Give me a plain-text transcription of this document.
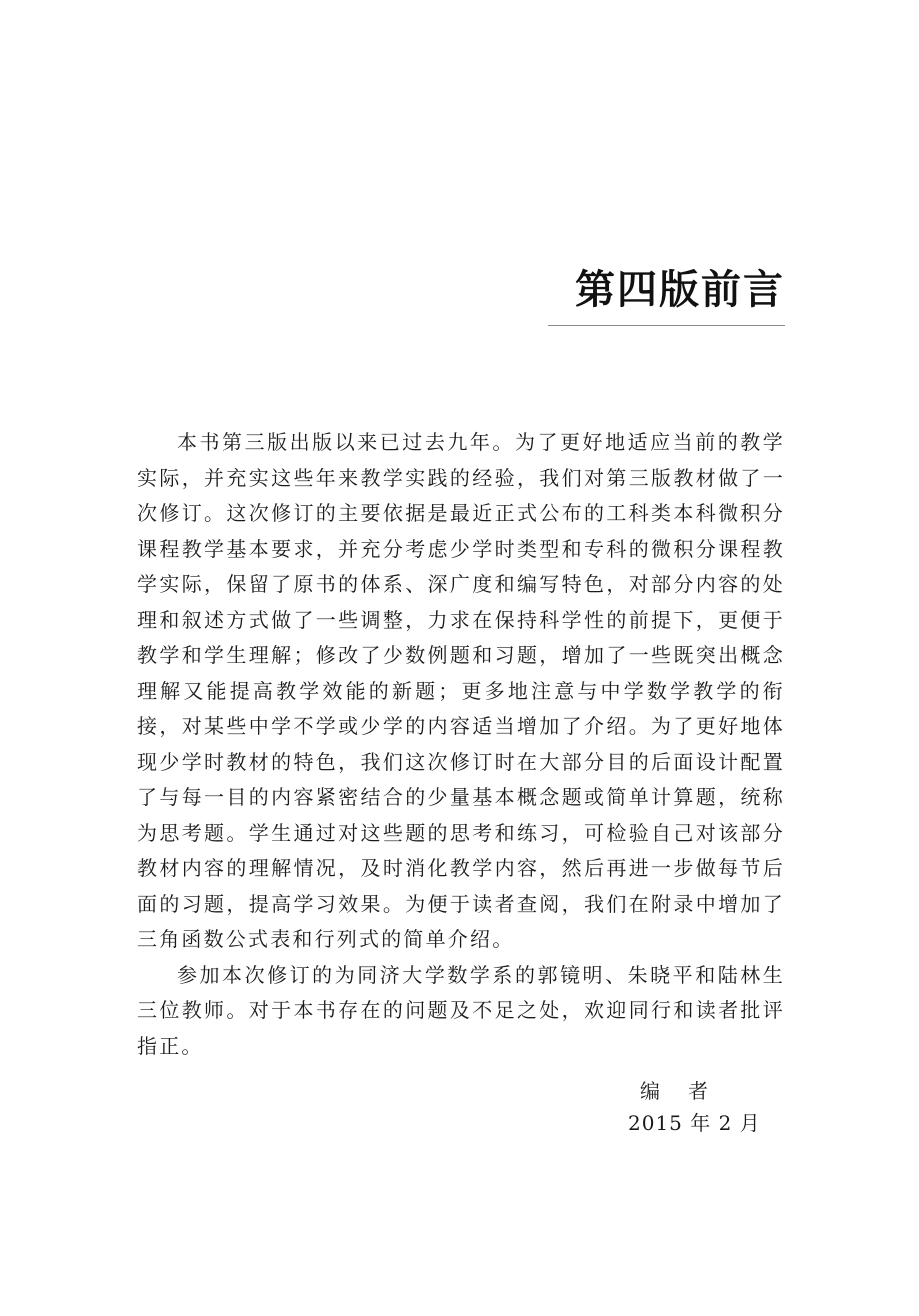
第四版前言

本书第三版出版以来已过去九年。为了更好地适应当前的教学实际，并充实这些年来教学实践的经验，我们对第三版教材做了一次修订。这次修订的主要依据是最近正式公布的工科类本科微积分课程教学基本要求，并充分考虑少学时类型和专科的微积分课程教学实际，保留了原书的体系、深广度和编写特色，对部分内容的处理和叙述方式做了一些调整，力求在保持科学性的前提下，更便于教学和学生理解；修改了少数例题和习题，增加了一些既突出概念理解又能提高教学效能的新题；更多地注意与中学数学教学的衔接，对某些中学不学或少学的内容适当增加了介绍。为了更好地体现少学时教材的特色，我们这次修订时在大部分目的后面设计配置了与每一目的内容紧密结合的少量基本概念题或简单计算题，统称为思考题。学生通过对这些题的思考和练习，可检验自己对该部分教材内容的理解情况，及时消化教学内容，然后再进一步做每节后面的习题，提高学习效果。为便于读者查阅，我们在附录中增加了三角函数公式表和行列式的简单介绍。

参加本次修订的为同济大学数学系的郭镜明、朱晓平和陆林生三位教师。对于本书存在的问题及不足之处，欢迎同行和读者批评指正。

编者
2015 年 2 月
